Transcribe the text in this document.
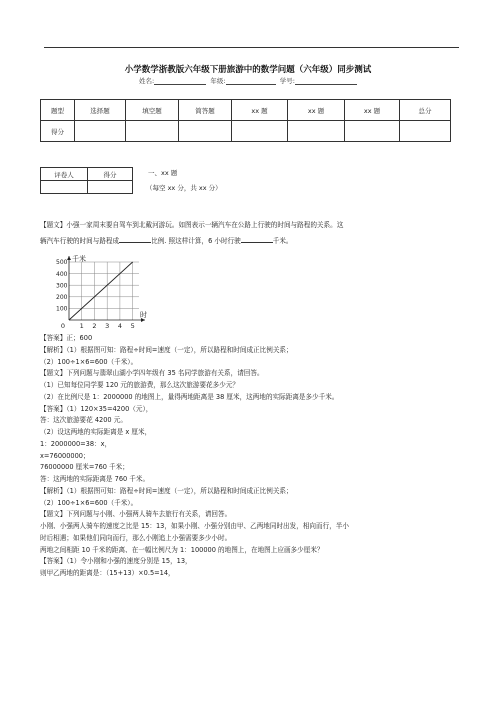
小学数学浙教版六年级下册旅游中的数学问题（六年级）同步测试
姓名:	年级:	学号:
题型	选择题	填空题	简答题	xx 题	xx 题	xx 题	总分
得分							
评卷人	得分
		一、xx 题
（每空 xx 分，共 xx 分）
【题文】小强一家周末要自驾车到北戴河游玩。如图表示一辆汽车在公路上行驶的时间与路程的关系。这
辆汽车行驶的时间与路程成	比例. 照这样计算，6 小时行驶	千米。
100
200
300
400
500
0 1 2 3 4 5
千米
时
【答案】正；600
【解析】（1）根据图可知：路程÷时间=速度（一定），所以路程和时间成正比例关系；
（2）100÷1×6=600（千米）。
【题文】下列问题与翡翠山湖小学四年级有 35 名同学旅游有关系，请回答。
（1）已知每位同学要 120 元的旅游费，那么这次旅游要花多少元？
（2）在比例尺是 1：2000000 的地图上，量得两地距离是 38 厘米，这两地的实际距离是多少千米。
【答案】（1）120×35=4200（元），
答：这次旅游要花 4200 元。
（2）设这两地的实际距离是 x 厘米，
1：2000000=38：x，
x=76000000；
76000000 厘米=760 千米；
答：这两地的实际距离是 760 千米。
【解析】（1）根据图可知：路程÷时间=速度（一定），所以路程和时间成正比例关系；
（2）100÷1×6=600（千米）。
【题文】下列问题与小刚、小强两人骑车去旅行有关系，请回答。
小刚、小强两人骑车的速度之比是 15：13，如果小刚、小强分别由甲、乙两地同时出发，相向而行，半小
时后相遇；如果他们同向而行，那么小刚追上小强需要多少小时。
两地之间相距 10 千米的距离、在一幅比例尺为 1：100000 的地图上，在地图上应画多少厘米？
【答案】（1）令小刚和小强的速度分别是 15，13，
则甲乙两地的距离是：（15+13）×0.5=14，
